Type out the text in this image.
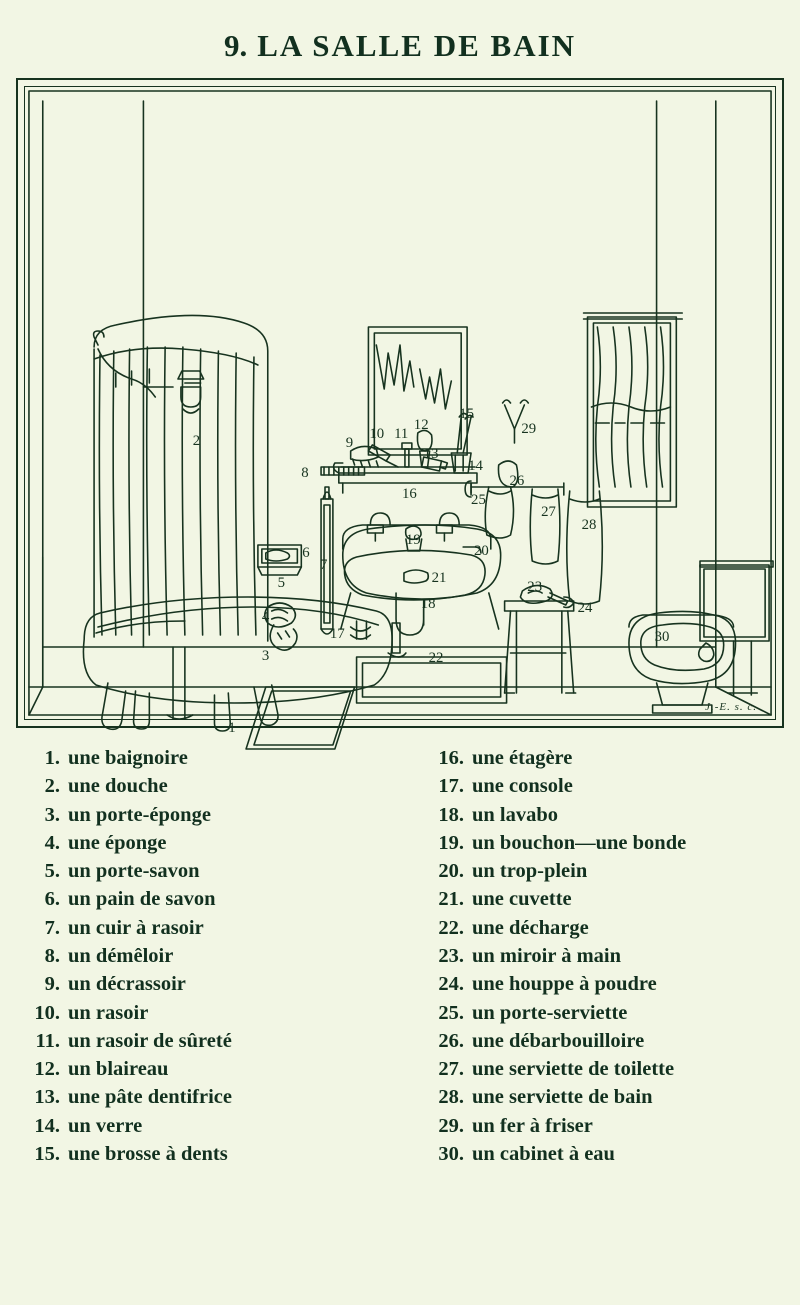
9. LA SALLE DE BAIN
1
2
3
4
5
6
7
8
9
10 11
12
13
14
15
16
17
18
19
20
21
22
23
24
25
26
27
28
29
30
J.-E. s. c.
1. une baignoire
2. une douche
3. un porte-éponge
4. une éponge
5. un porte-savon
6. un pain de savon
7. un cuir à rasoir
8. un démêloir
9. un décrassoir
10. un rasoir
11. un rasoir de sûreté
12. un blaireau
13. une pâte dentifrice
14. un verre
15. une brosse à dents
16. une étagère
17. une console
18. un lavabo
19. un bouchon—une bonde
20. un trop-plein
21. une cuvette
22. une décharge
23. un miroir à main
24. une houppe à poudre
25. un porte-serviette
26. une débarbouilloire
27. une serviette de toilette
28. une serviette de bain
29. un fer à friser
30. un cabinet à eau
